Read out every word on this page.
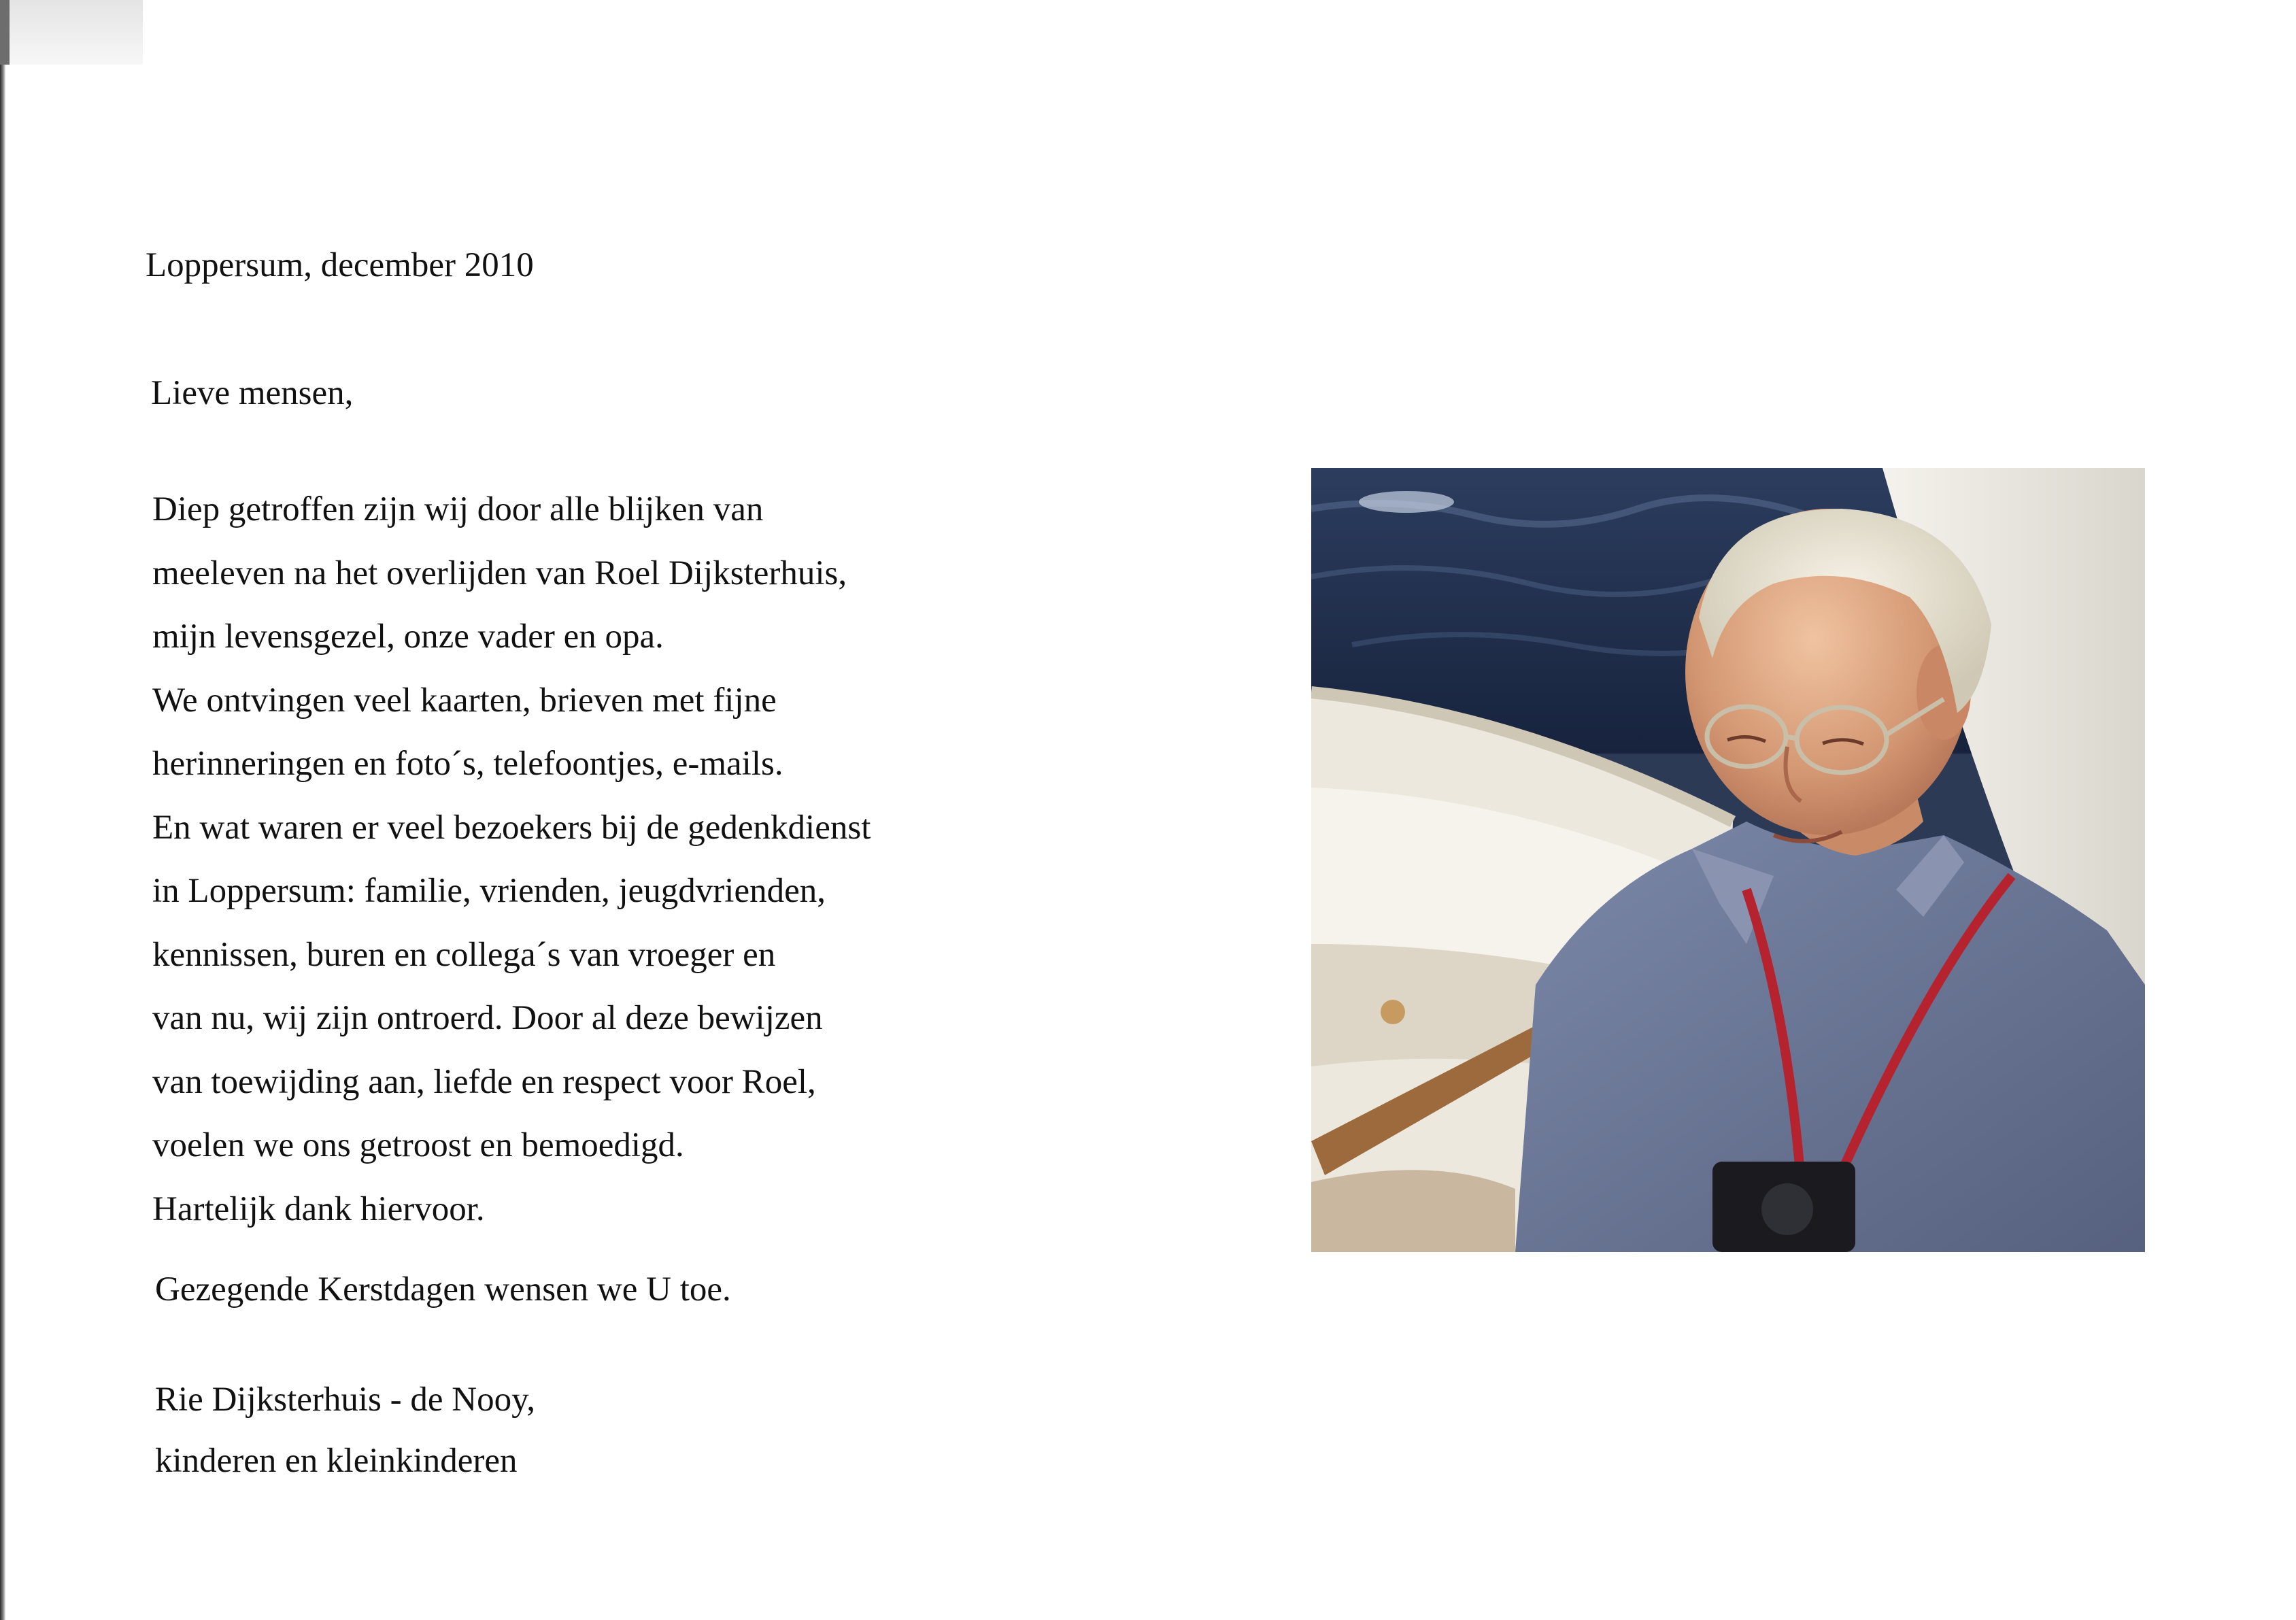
Loppersum, december 2010
Lieve mensen,
Diep getroffen zijn wij door alle blijken van
meeleven na het overlijden van Roel Dijksterhuis,
mijn levensgezel, onze vader en opa.
We ontvingen veel kaarten, brieven met fijne
herinneringen en foto´s, telefoontjes, e-mails.
En wat waren er veel bezoekers bij de gedenkdienst
in Loppersum: familie, vrienden, jeugdvrienden,
kennissen, buren en collega´s van vroeger en
van nu, wij zijn ontroerd. Door al deze bewijzen
van toewijding aan, liefde en respect voor Roel,
voelen we ons getroost en bemoedigd.
Hartelijk dank hiervoor.
Gezegende Kerstdagen wensen we U toe.
Rie Dijksterhuis - de Nooy,
kinderen en kleinkinderen
